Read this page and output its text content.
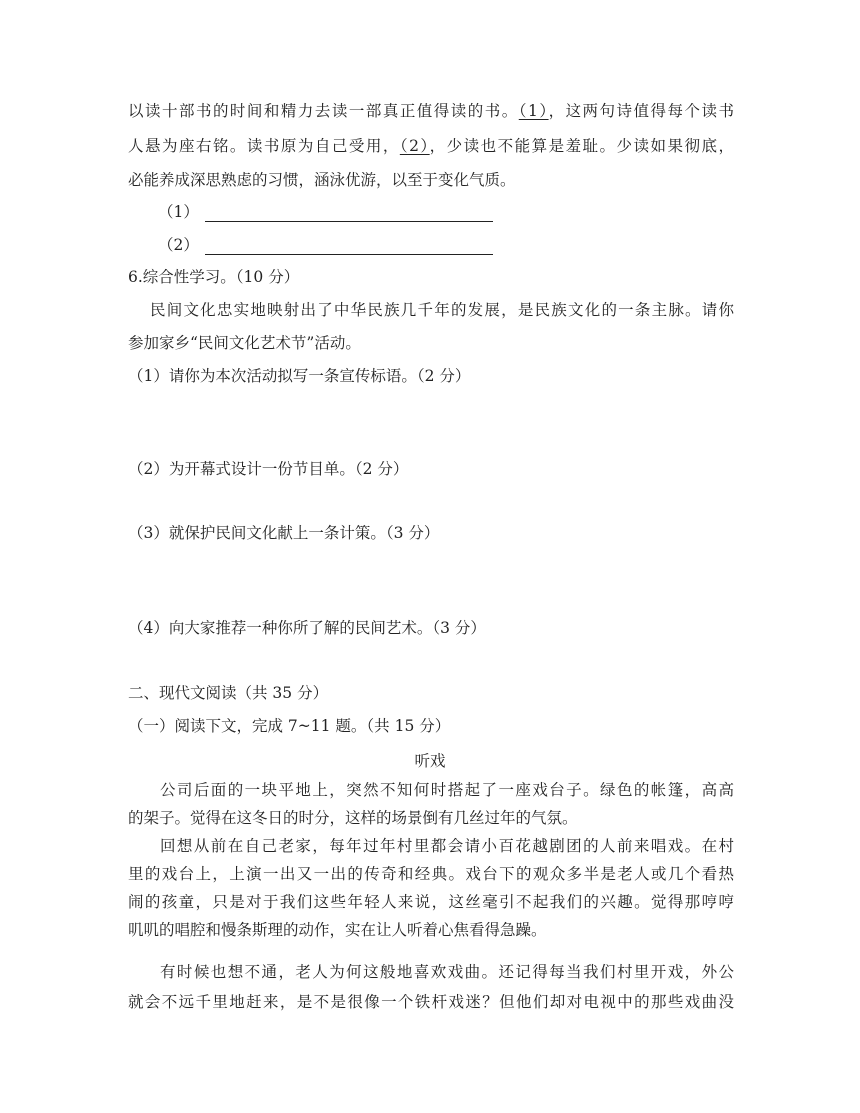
以读十部书的时间和精力去读一部真正值得读的书。（1），这两句诗值得每个读书
人悬为座右铭。读书原为自己受用，（2），少读也不能算是羞耻。少读如果彻底，
必能养成深思熟虑的习惯，涵泳优游，以至于变化气质。
（1）
（2）
6.综合性学习。（10 分）
民间文化忠实地映射出了中华民族几千年的发展，是民族文化的一条主脉。请你
参加家乡“民间文化艺术节”活动。
（1）请你为本次活动拟写一条宣传标语。（2 分）
（2）为开幕式设计一份节目单。（2 分）
（3）就保护民间文化献上一条计策。（3 分）
（4）向大家推荐一种你所了解的民间艺术。（3 分）
二、现代文阅读（共 35 分）
（一）阅读下文，完成 7~11 题。（共 15 分）
听戏
公司后面的一块平地上，突然不知何时搭起了一座戏台子。绿色的帐篷，高高
的架子。觉得在这冬日的时分，这样的场景倒有几丝过年的气氛。
回想从前在自己老家，每年过年村里都会请小百花越剧团的人前来唱戏。在村
里的戏台上，上演一出又一出的传奇和经典。戏台下的观众多半是老人或几个看热
闹的孩童，只是对于我们这些年轻人来说，这丝毫引不起我们的兴趣。觉得那哼哼
叽叽的唱腔和慢条斯理的动作，实在让人听着心焦看得急躁。
有时候也想不通，老人为何这般地喜欢戏曲。还记得每当我们村里开戏，外公
就会不远千里地赶来，是不是很像一个铁杆戏迷？但他们却对电视中的那些戏曲没
